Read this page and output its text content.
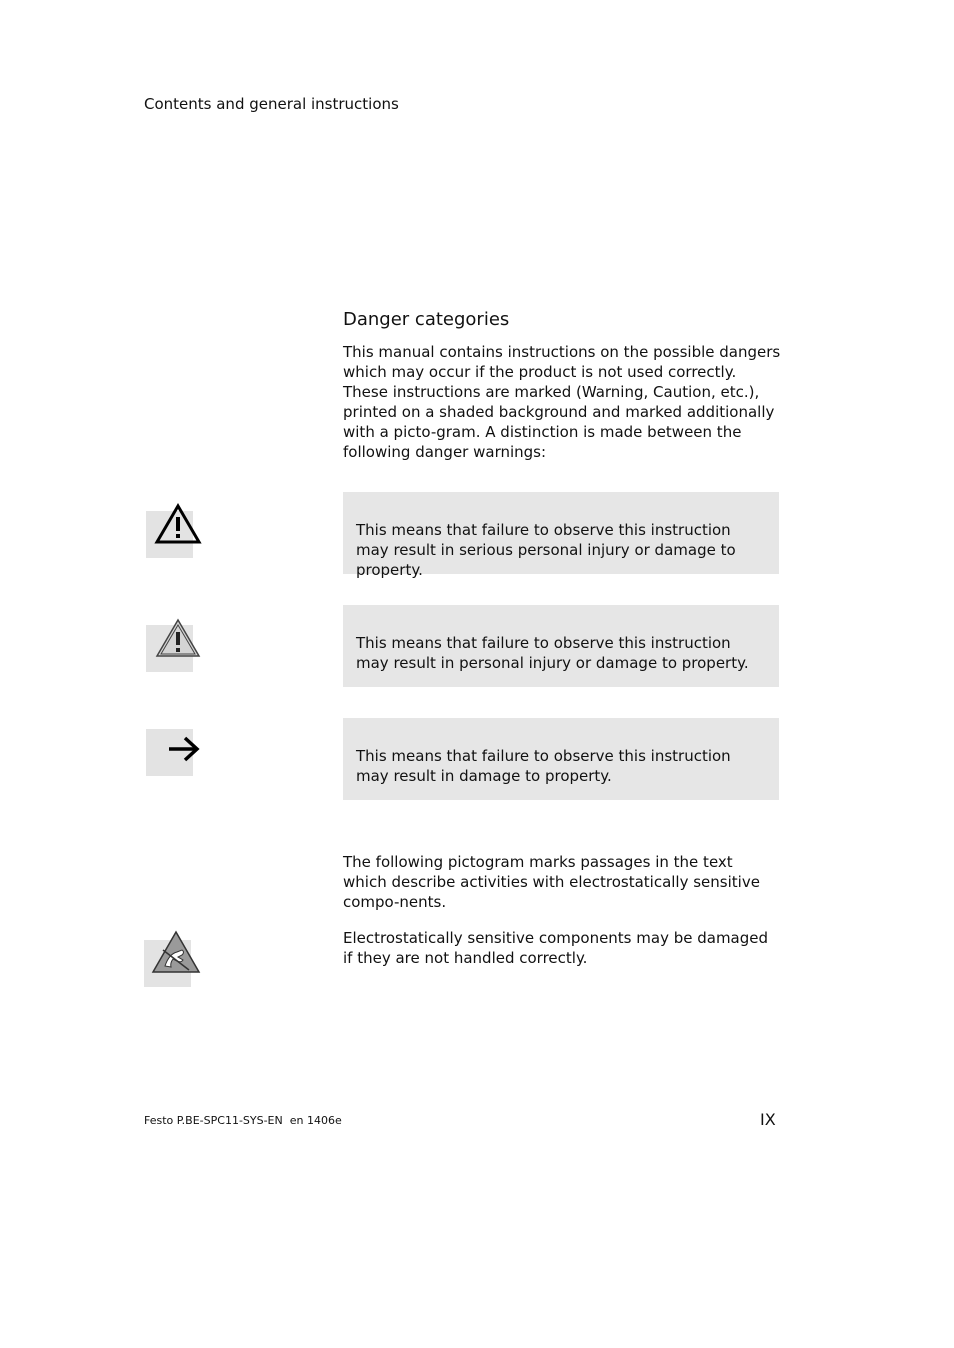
Contents and general instructions
Danger categories
This manual contains instructions on the possible dangers which may occur if the product is not used correctly. These instructions are marked (Warning, Caution, etc.), printed on a shaded background and marked additionally with a picto-gram. A distinction is made between the following danger warnings:
This means that failure to observe this instruction may result in serious personal injury or damage to property.
This means that failure to observe this instruction may result in personal injury or damage to property.
This means that failure to observe this instruction may result in damage to property.
The following pictogram marks passages in the text which describe activities with electrostatically sensitive compo-nents.
Electrostatically sensitive components may be damaged if they are not handled correctly.
Festo P.BE-SPC11-SYS-EN  en 1406e	IX
